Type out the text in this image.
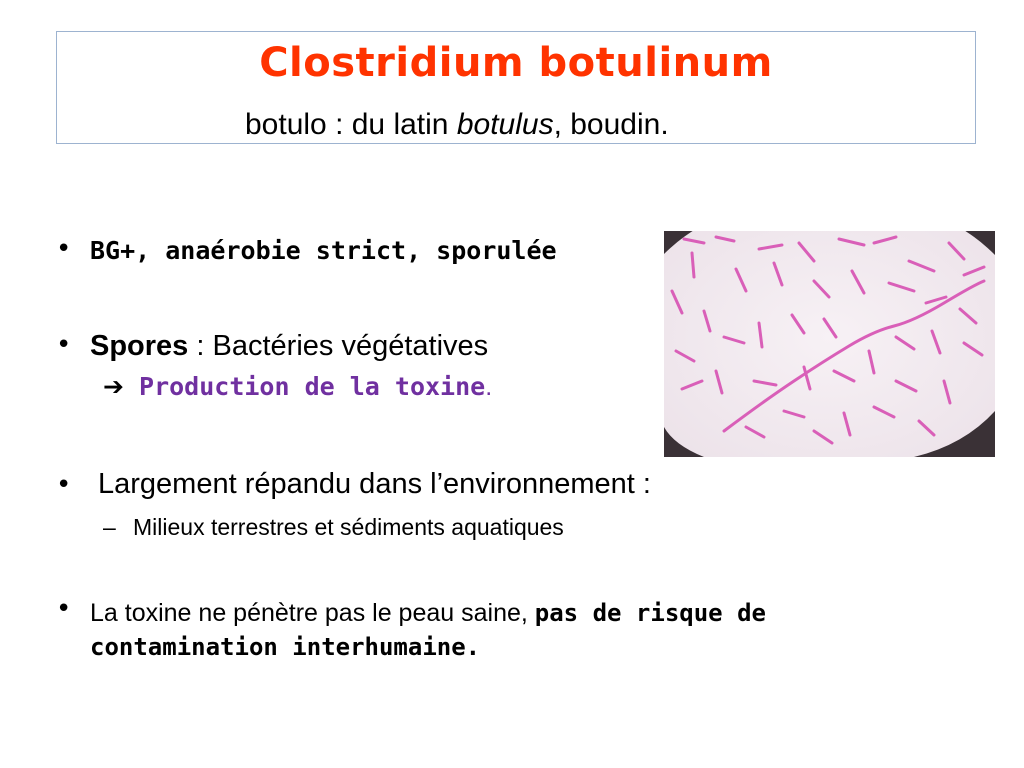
Clostridium botulinum
botulo : du latin botulus, boudin.
• BG+, anaérobie strict, sporulée
• Spores : Bactéries végétatives
➔ Production de la toxine.
• Largement répandu dans l’environnement :
– Milieux terrestres et sédiments aquatiques
• La toxine ne pénètre pas le peau saine, pas de risque de contamination interhumaine.
